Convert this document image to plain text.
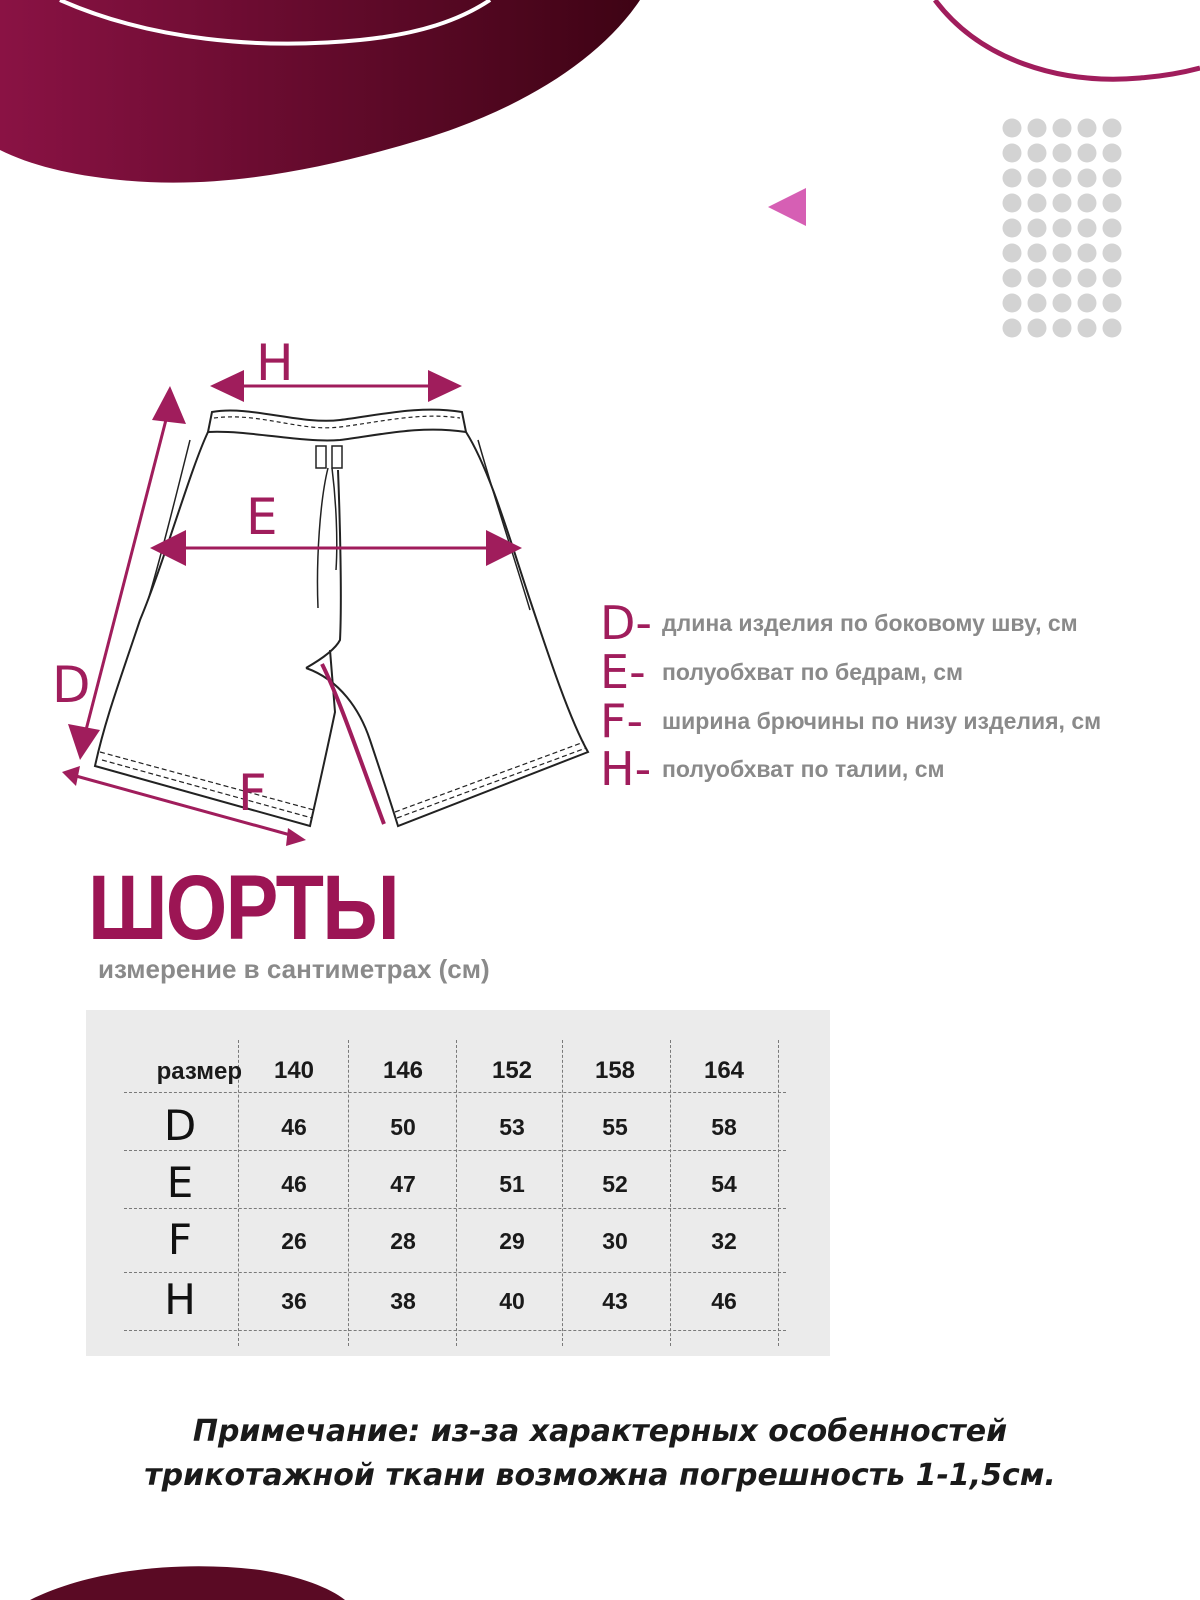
H
E
D
F
D- длина изделия по боковому шву, см
E- полуобхват по бедрам, см
F- ширина брючины по низу изделия, см
H- полуобхват по талии, см
ШОРТЫ
измерение в сантиметрах (см)
размер	140	146	152	158	164
D	46	50	53	55	58
E	46	47	51	52	54
F	26	28	29	30	32
H	36	38	40	43	46
Примечание: из-за характерных особенностей
трикотажной ткани возможна погрешность 1-1,5см.
